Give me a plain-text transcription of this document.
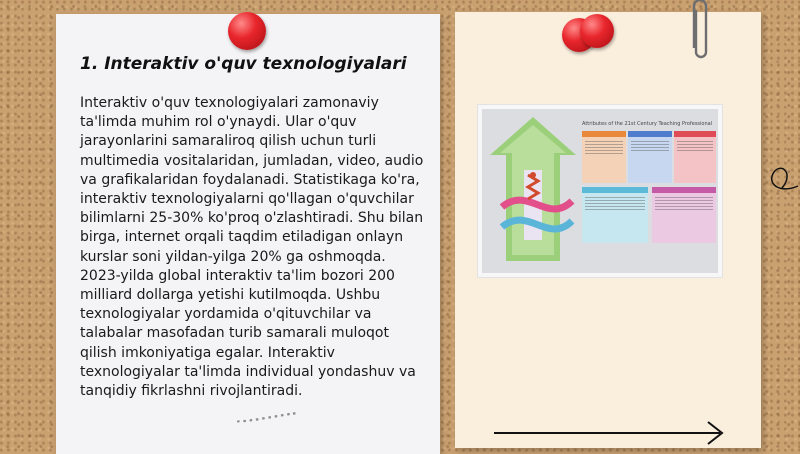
1. Interaktiv o'quv texnologiyalari

Interaktiv o'quv texnologiyalari zamonaviy ta'limda muhim rol o'ynaydi. Ular o'quv jarayonlarini samaraliroq qilish uchun turli multimedia vositalaridan, jumladan, video, audio va grafikalaridan foydalanadi. Statistikaga ko'ra, interaktiv texnologiyalarni qo'llagan o'quvchilar bilimlarni 25-30% ko'proq o'zlashtiradi. Shu bilan birga, internet orqali taqdim etiladigan onlayn kurslar soni yildan-yilga 20% ga oshmoqda. 2023-yilda global interaktiv ta'lim bozori 200 milliard dollarga yetishi kutilmoqda. Ushbu texnologiyalar yordamida o'qituvchilar va talabalar masofadan turib samarali muloqot qilish imkoniyatiga egalar. Interaktiv texnologiyalar ta'limda individual yondashuv va tanqidiy fikrlashni rivojlantiradi.

Attributes of the 21st Century Teaching Professional
